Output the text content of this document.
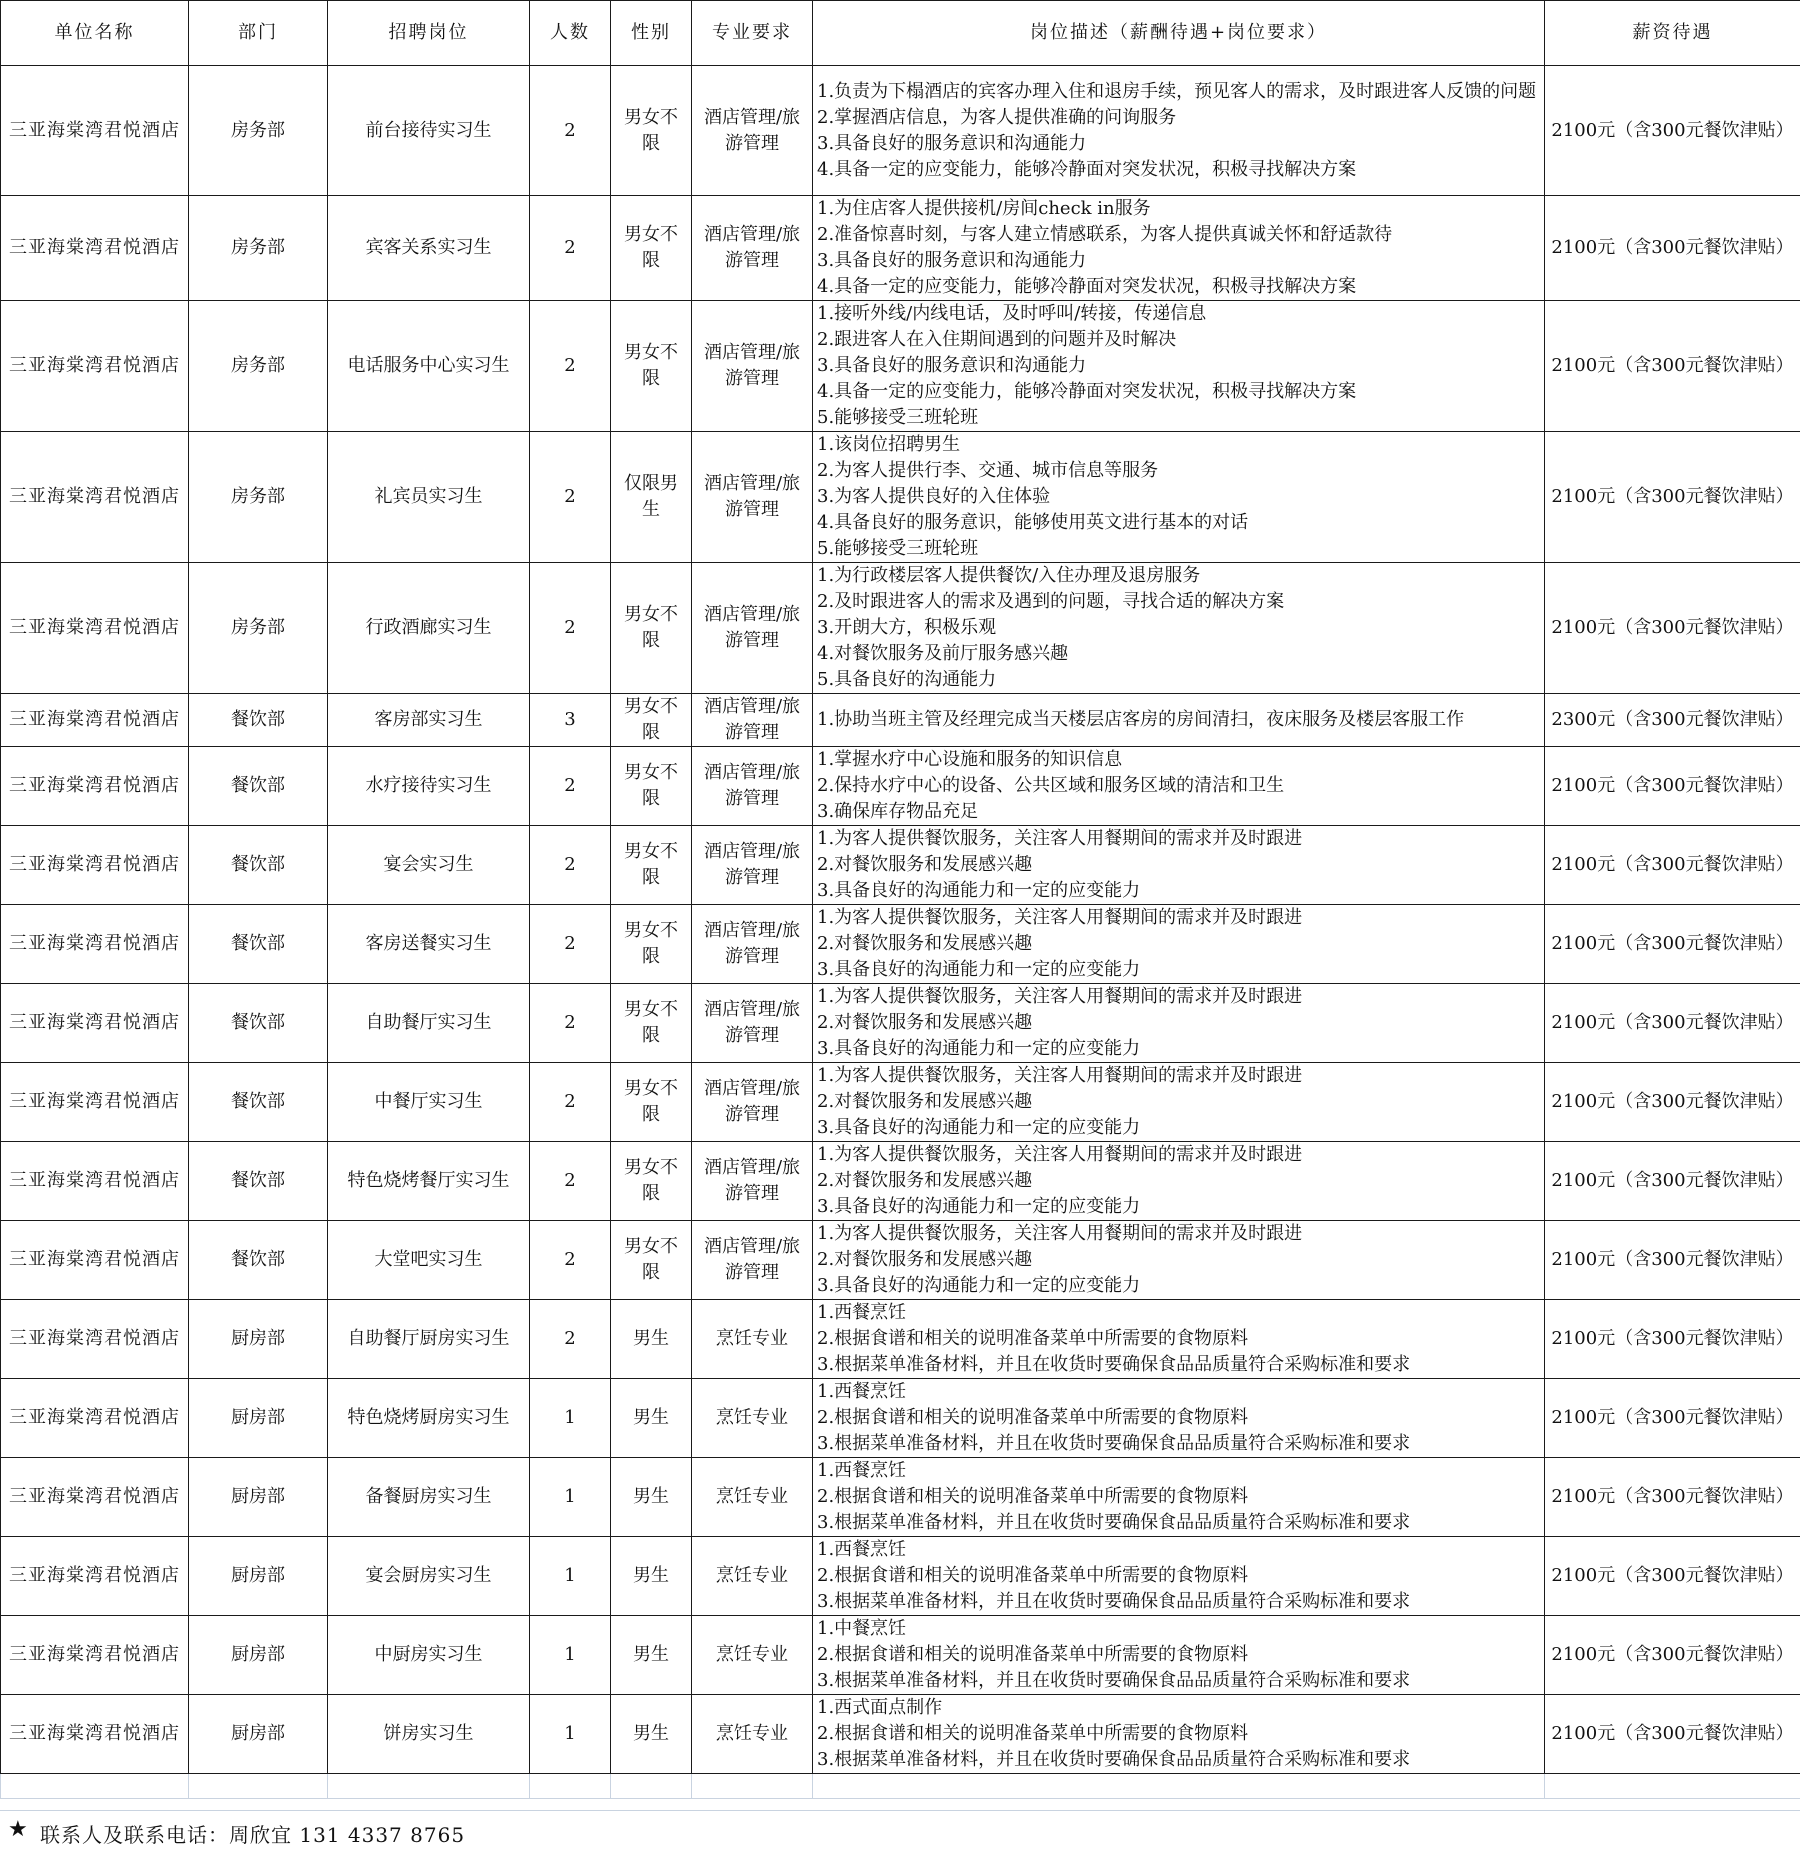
单位名称	部门	招聘岗位	人数	性别	专业要求	岗位描述（薪酬待遇+岗位要求）	薪资待遇
三亚海棠湾君悦酒店	房务部	前台接待实习生	2	男女不限	酒店管理/旅游管理	1.负责为下榻酒店的宾客办理入住和退房手续，预见客人的需求，及时跟进客人反馈的问题
2.掌握酒店信息，为客人提供准确的问询服务
3.具备良好的服务意识和沟通能力
4.具备一定的应变能力，能够冷静面对突发状况，积极寻找解决方案	2100元（含300元餐饮津贴）
三亚海棠湾君悦酒店	房务部	宾客关系实习生	2	男女不限	酒店管理/旅游管理	1.为住店客人提供接机/房间check in服务
2.准备惊喜时刻，与客人建立情感联系，为客人提供真诚关怀和舒适款待
3.具备良好的服务意识和沟通能力
4.具备一定的应变能力，能够冷静面对突发状况，积极寻找解决方案	2100元（含300元餐饮津贴）
三亚海棠湾君悦酒店	房务部	电话服务中心实习生	2	男女不限	酒店管理/旅游管理	1.接听外线/内线电话，及时呼叫/转接，传递信息
2.跟进客人在入住期间遇到的问题并及时解决
3.具备良好的服务意识和沟通能力
4.具备一定的应变能力，能够冷静面对突发状况，积极寻找解决方案
5.能够接受三班轮班	2100元（含300元餐饮津贴）
三亚海棠湾君悦酒店	房务部	礼宾员实习生	2	仅限男生	酒店管理/旅游管理	1.该岗位招聘男生
2.为客人提供行李、交通、城市信息等服务
3.为客人提供良好的入住体验
4.具备良好的服务意识，能够使用英文进行基本的对话
5.能够接受三班轮班	2100元（含300元餐饮津贴）
三亚海棠湾君悦酒店	房务部	行政酒廊实习生	2	男女不限	酒店管理/旅游管理	1.为行政楼层客人提供餐饮/入住办理及退房服务
2.及时跟进客人的需求及遇到的问题，寻找合适的解决方案
3.开朗大方，积极乐观
4.对餐饮服务及前厅服务感兴趣
5.具备良好的沟通能力	2100元（含300元餐饮津贴）
三亚海棠湾君悦酒店	餐饮部	客房部实习生	3	男女不限	酒店管理/旅游管理	1.协助当班主管及经理完成当天楼层店客房的房间清扫，夜床服务及楼层客服工作	2300元（含300元餐饮津贴）
三亚海棠湾君悦酒店	餐饮部	水疗接待实习生	2	男女不限	酒店管理/旅游管理	1.掌握水疗中心设施和服务的知识信息
2.保持水疗中心的设备、公共区域和服务区域的清洁和卫生
3.确保库存物品充足	2100元（含300元餐饮津贴）
三亚海棠湾君悦酒店	餐饮部	宴会实习生	2	男女不限	酒店管理/旅游管理	1.为客人提供餐饮服务，关注客人用餐期间的需求并及时跟进
2.对餐饮服务和发展感兴趣
3.具备良好的沟通能力和一定的应变能力	2100元（含300元餐饮津贴）
三亚海棠湾君悦酒店	餐饮部	客房送餐实习生	2	男女不限	酒店管理/旅游管理	1.为客人提供餐饮服务，关注客人用餐期间的需求并及时跟进
2.对餐饮服务和发展感兴趣
3.具备良好的沟通能力和一定的应变能力	2100元（含300元餐饮津贴）
三亚海棠湾君悦酒店	餐饮部	自助餐厅实习生	2	男女不限	酒店管理/旅游管理	1.为客人提供餐饮服务，关注客人用餐期间的需求并及时跟进
2.对餐饮服务和发展感兴趣
3.具备良好的沟通能力和一定的应变能力	2100元（含300元餐饮津贴）
三亚海棠湾君悦酒店	餐饮部	中餐厅实习生	2	男女不限	酒店管理/旅游管理	1.为客人提供餐饮服务，关注客人用餐期间的需求并及时跟进
2.对餐饮服务和发展感兴趣
3.具备良好的沟通能力和一定的应变能力	2100元（含300元餐饮津贴）
三亚海棠湾君悦酒店	餐饮部	特色烧烤餐厅实习生	2	男女不限	酒店管理/旅游管理	1.为客人提供餐饮服务，关注客人用餐期间的需求并及时跟进
2.对餐饮服务和发展感兴趣
3.具备良好的沟通能力和一定的应变能力	2100元（含300元餐饮津贴）
三亚海棠湾君悦酒店	餐饮部	大堂吧实习生	2	男女不限	酒店管理/旅游管理	1.为客人提供餐饮服务，关注客人用餐期间的需求并及时跟进
2.对餐饮服务和发展感兴趣
3.具备良好的沟通能力和一定的应变能力	2100元（含300元餐饮津贴）
三亚海棠湾君悦酒店	厨房部	自助餐厅厨房实习生	2	男生	烹饪专业	1.西餐烹饪
2.根据食谱和相关的说明准备菜单中所需要的食物原料
3.根据菜单准备材料，并且在收货时要确保食品品质量符合采购标准和要求	2100元（含300元餐饮津贴）
三亚海棠湾君悦酒店	厨房部	特色烧烤厨房实习生	1	男生	烹饪专业	1.西餐烹饪
2.根据食谱和相关的说明准备菜单中所需要的食物原料
3.根据菜单准备材料，并且在收货时要确保食品品质量符合采购标准和要求	2100元（含300元餐饮津贴）
三亚海棠湾君悦酒店	厨房部	备餐厨房实习生	1	男生	烹饪专业	1.西餐烹饪
2.根据食谱和相关的说明准备菜单中所需要的食物原料
3.根据菜单准备材料，并且在收货时要确保食品品质量符合采购标准和要求	2100元（含300元餐饮津贴）
三亚海棠湾君悦酒店	厨房部	宴会厨房实习生	1	男生	烹饪专业	1.西餐烹饪
2.根据食谱和相关的说明准备菜单中所需要的食物原料
3.根据菜单准备材料，并且在收货时要确保食品品质量符合采购标准和要求	2100元（含300元餐饮津贴）
三亚海棠湾君悦酒店	厨房部	中厨房实习生	1	男生	烹饪专业	1.中餐烹饪
2.根据食谱和相关的说明准备菜单中所需要的食物原料
3.根据菜单准备材料，并且在收货时要确保食品品质量符合采购标准和要求	2100元（含300元餐饮津贴）
三亚海棠湾君悦酒店	厨房部	饼房实习生	1	男生	烹饪专业	1.西式面点制作
2.根据食谱和相关的说明准备菜单中所需要的食物原料
3.根据菜单准备材料，并且在收货时要确保食品品质量符合采购标准和要求	2100元（含300元餐饮津贴）

★ 联系人及联系电话：周欣宜 131 4337 8765
